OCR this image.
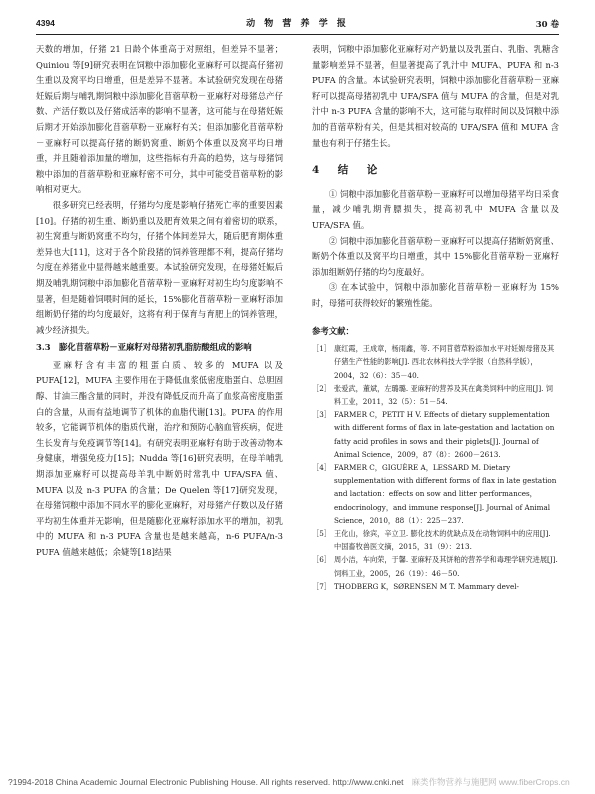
4394	动 物 营 养 学 报	30 卷

天数的增加，仔猪 21 日龄个体重高于对照组，但差异不显著；Quiniou 等[9]研究表明在饲粮中添加膨化亚麻籽可以提高仔猪初生重以及窝平均日增重，但是差异不显著。本试验研究发现在母猪妊娠后期与哺乳期饲粮中添加膨化苜蓿草粉－亚麻籽对母猪总产仔数、产活仔数以及仔猪成活率的影响不显著，这可能与在母猪妊娠后期才开始添加膨化苜蓿草粉－亚麻籽有关；但添加膨化苜蓿草粉－亚麻籽可以提高仔猪的断奶窝重、断奶个体重以及窝平均日增重，并且随着添加量的增加，这些指标有升高的趋势，这与母猪饲粮中添加的苜蓿草粉和亚麻籽密不可分，其中可能受苜蓿草粉的影响相对更大。

很多研究已经表明，仔猪均匀度是影响仔猪死亡率的重要因素[10]。仔猪的初生重、断奶重以及肥育效果之间有着密切的联系，初生窝重与断奶窝重不均匀，仔猪个体间差异大，随后肥育期体重差异也大[11]，这对于各个阶段猪的饲养管理都不利，提高仔猪均匀度在养猪业中显得越来越重要。本试验研究发现，在母猪妊娠后期及哺乳期饲粮中添加膨化苜蓿草粉－亚麻籽对初生均匀度影响不显著，但是随着饲喂时间的延长，15%膨化苜蓿草粉－亚麻籽添加组断奶仔猪的均匀度最好，这将有利于保育与育肥上的饲养管理，减少经济损失。

3.3　膨化苜蓿草粉－亚麻籽对母猪初乳脂肪酸组成的影响

亚麻籽含有丰富的粗蛋白质、较多的 MUFA 以及 PUFA[12]，MUFA 主要作用在于降低血浆低密度脂蛋白、总胆固醇、甘油三酯含量的同时，并没有降低反而升高了血浆高密度脂蛋白的含量，从而有益地调节了机体的血脂代谢[13]。PUFA 的作用较多，它能调节机体的脂质代谢，治疗和预防心脑血管疾病，促进生长发育与免疫调节等[14]。有研究表明亚麻籽有助于改善动物本身健康，增强免疫力[15]；Nudda 等[16]研究表明，在母羊哺乳期添加亚麻籽可以提高母羊乳中断奶时常乳中 UFA/SFA 值、MUFA 以及 n-3 PUFA 的含量；De Quelen 等[17]研究发现，在母猪饲粮中添加不同水平的膨化亚麻籽，对母猪产仔数以及仔猪平均初生体重并无影响，但是随膨化亚麻籽添加水平的增加，初乳中的 MUFA 和 n-3 PUFA 含量也是越来越高，n-6 PUFA/n-3 PUFA 值越来越低；余婕等[18]结果

表明，饲粮中添加膨化亚麻籽对产奶量以及乳蛋白、乳脂、乳糖含量影响差异不显著，但显著提高了乳汁中 MUFA、PUFA 和 n-3 PUFA 的含量。本试验研究表明，饲粮中添加膨化苜蓿草粉－亚麻籽可以提高母猪初乳中 UFA/SFA 值与 MUFA 的含量，但是对乳汁中 n-3 PUFA 含量的影响不大，这可能与取样时间以及饲粮中添加的苜蓿草粉有关，但是其相对较高的 UFA/SFA 值和 MUFA 含量也有利于仔猪生长。

4　结　论

① 饲粮中添加膨化苜蓿草粉－亚麻籽可以增加母猪平均日采食量，减少哺乳期背膘损失，提高初乳中 MUFA 含量以及 UFA/SFA 值。

② 饲粮中添加膨化苜蓿草粉－亚麻籽可以提高仔猪断奶窝重、断奶个体重以及窝平均日增重，其中 15%膨化苜蓿草粉－亚麻籽添加组断奶仔猪的均匀度最好。

③ 在本试验中，饲粮中添加膨化苜蓿草粉－亚麻籽为 15%时，母猪可获得较好的繁殖性能。

参考文献：

［1］ 康红霞，王成章，杨雨鑫，等. 不同苜蓿草粉添加水平对妊娠母猪及其仔猪生产性能的影响[J]. 西北农林科技大学学报（自然科学版），2004，32（6）：35－40.
［2］ 张爱武，董斌，左璐璐. 亚麻籽的营养及其在禽类饲料中的应用[J]. 饲料工业，2011，32（5）：51－54.
［3］ FARMER C，PETIT H V. Effects of dietary supplementation with different forms of flax in late-gestation and lactation on fatty acid profiles in sows and their piglets[J]. Journal of Animal Science，2009，87（8）：2600－2613.
［4］ FARMER C，GIGUÈRE A，LESSARD M. Dietary supplementation with different forms of flax in late gestation and lactation：effects on sow and litter performances，endocrinology，and immune response[J]. Journal of Animal Science，2010，88（1）：225－237.
［5］ 王化山，徐宾，辛立卫. 膨化技术的优缺点及在动物饲料中的应用[J]. 中国畜牧兽医文摘，2015，31（9）：213.
［6］ 周小洁，车向荣，于馨. 亚麻籽及其饼粕的营养学和毒理学研究进展[J]. 饲料工业，2005，26（19）：46－50.
［7］ THODBERG K，SØRENSEN M T. Mammary devel-
?1994-2018 China Academic Journal Electronic Publishing House. All rights reserved. http://www.cnki.net 麻类作物营养与施肥网 www.fiberCrops.cn
